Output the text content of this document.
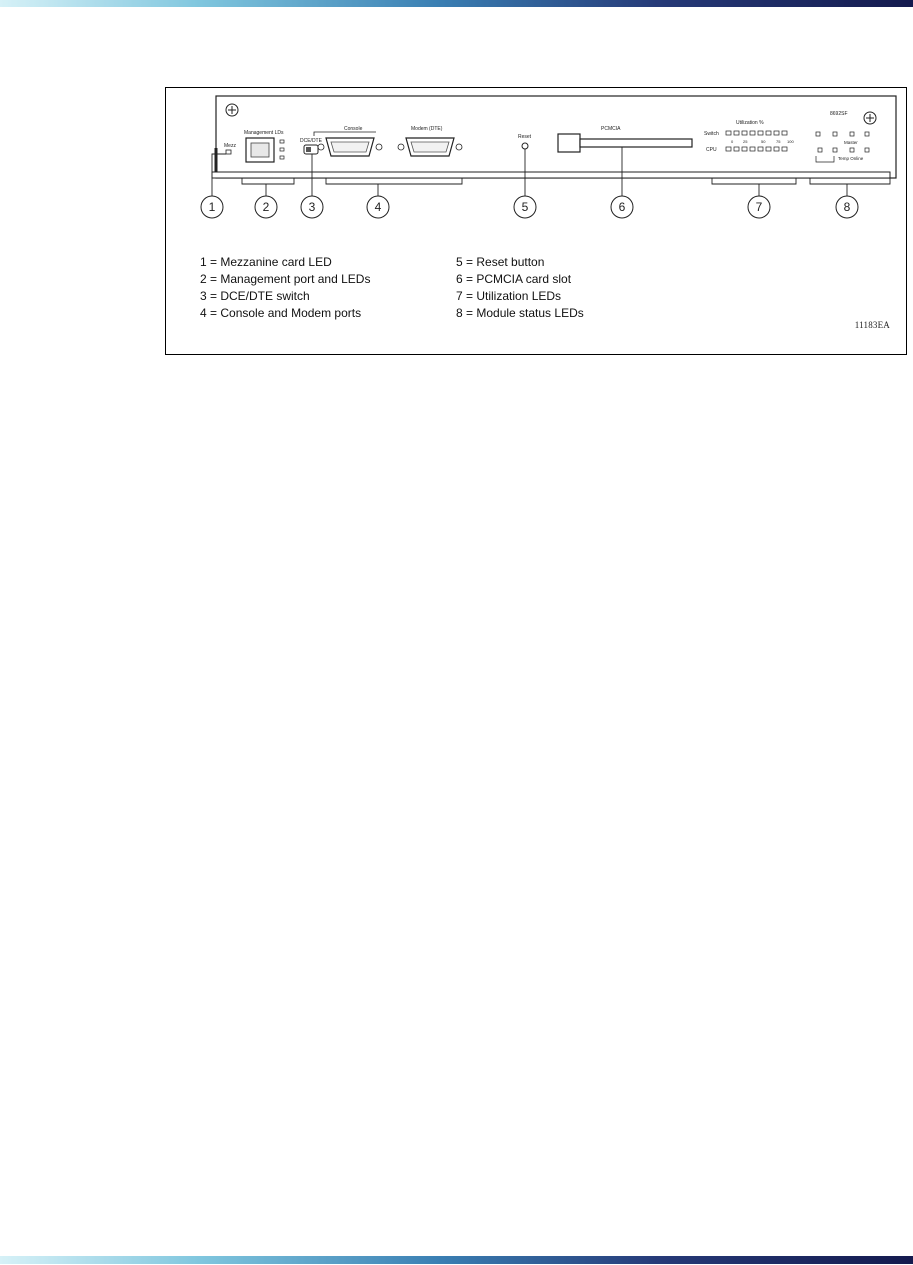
Mezz
Management LDs
DCE/DTE
Console	Modem (DTE)
Reset
PCMCIA
Utilization %
Switch
CPU
0 25	50	75 100
8692SF
Master
Temp Online
1	2	3	4	5	6	7	8
1 = Mezzanine card LED
2 = Management port and LEDs
3 = DCE/DTE switch
4 = Console and Modem ports
5 = Reset button
6 = PCMCIA card slot
7 = Utilization LEDs
8 = Module status LEDs
11183EA
